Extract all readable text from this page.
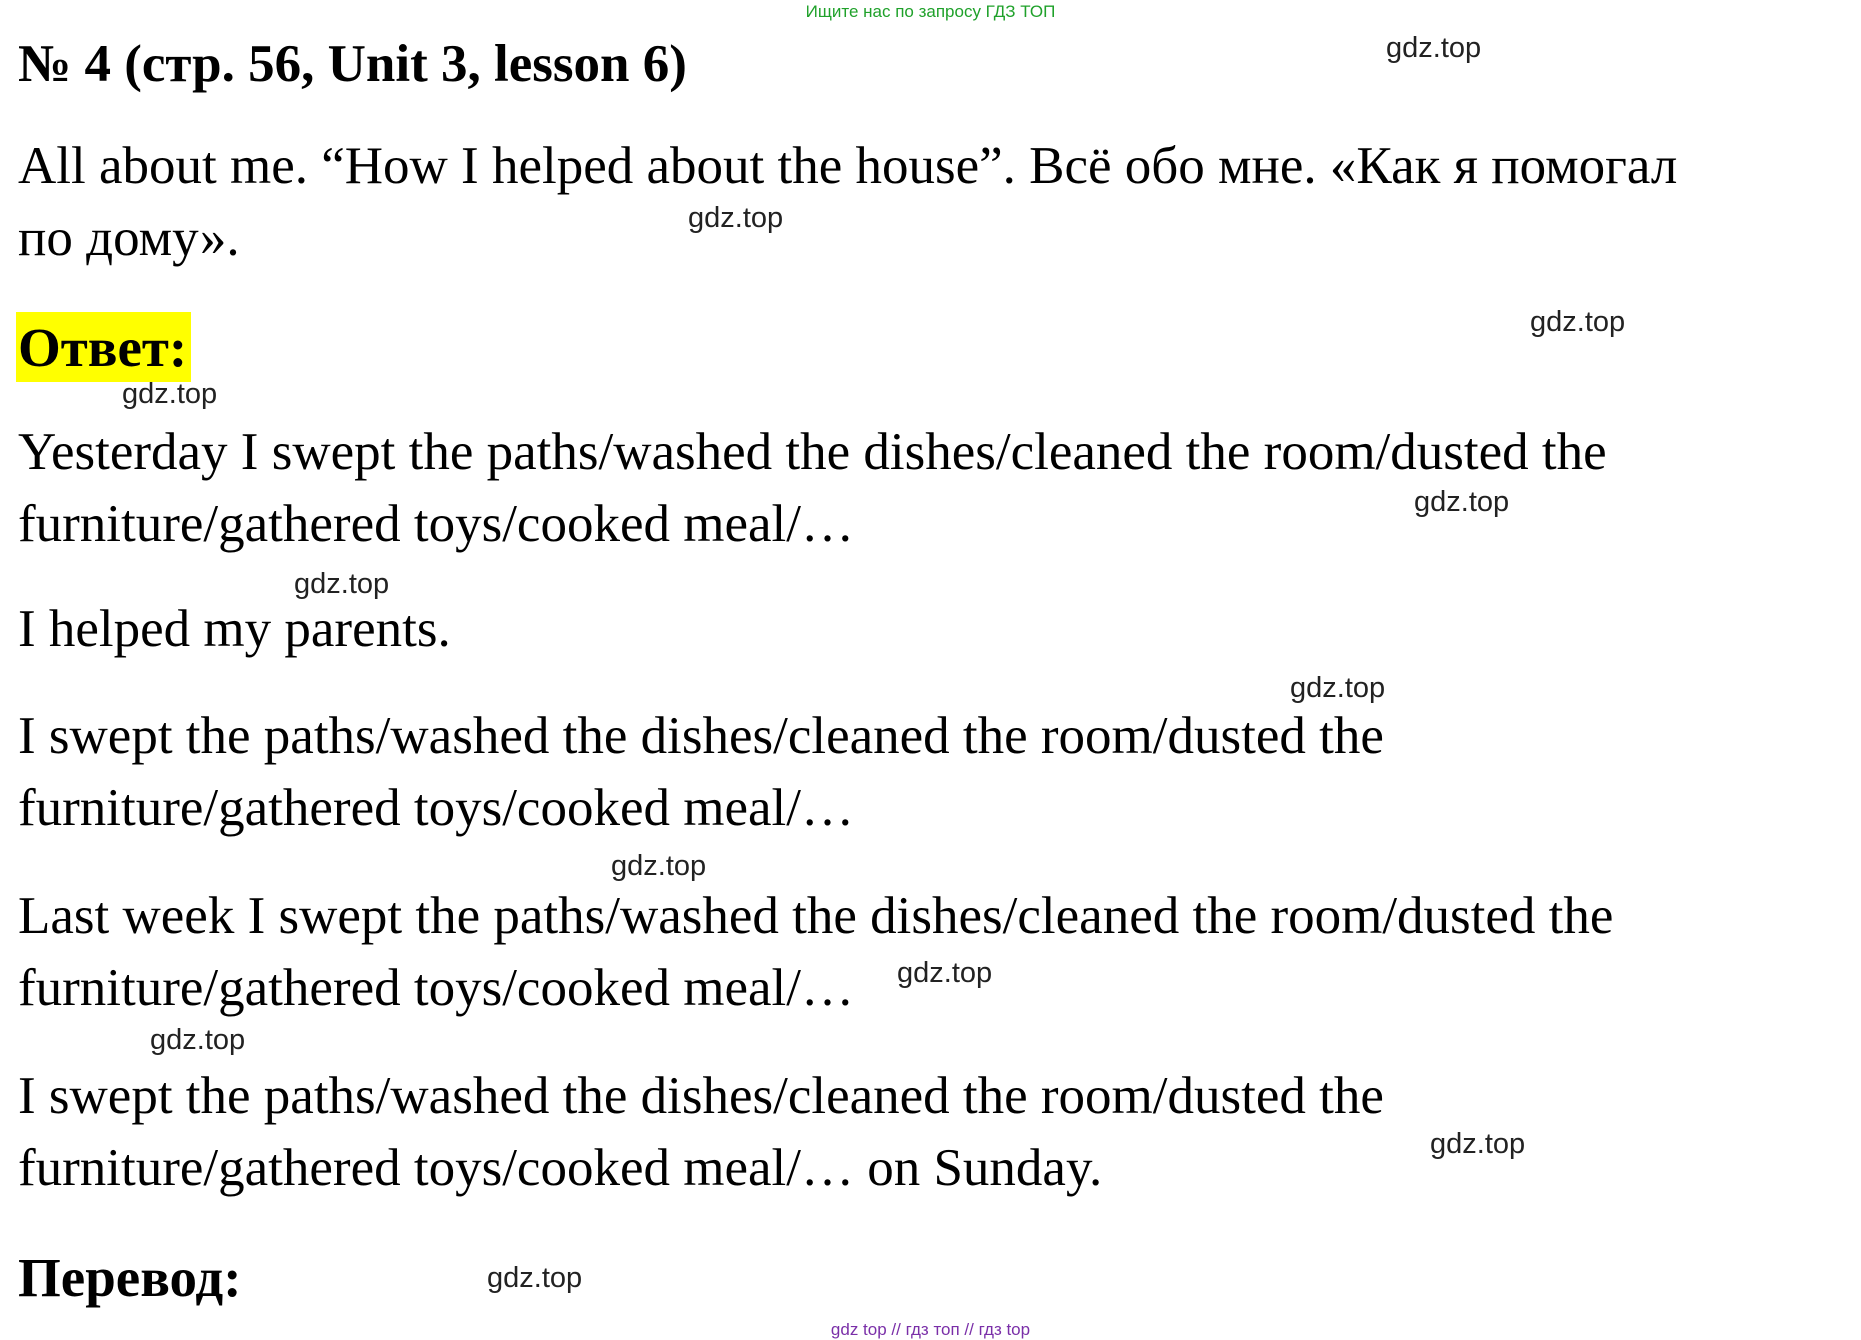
Ищите нас по запросу ГДЗ ТОП
№ 4 (стр. 56, Unit 3, lesson 6)
All about me. “How I helped about the house”. Всё обо мне. «Как я помогал
по дому».
Ответ:
Yesterday I swept the paths/washed the dishes/cleaned the room/dusted the
furniture/gathered toys/cooked meal/…
I helped my parents.
I swept the paths/washed the dishes/cleaned the room/dusted the
furniture/gathered toys/cooked meal/…
Last week I swept the paths/washed the dishes/cleaned the room/dusted the
furniture/gathered toys/cooked meal/…
I swept the paths/washed the dishes/cleaned the room/dusted the
furniture/gathered toys/cooked meal/… on Sunday.
Перевод:
gdz.top
gdz.top
gdz.top
gdz.top
gdz.top
gdz.top
gdz.top
gdz.top
gdz.top
gdz.top
gdz.top
gdz.top
gdz top // гдз топ // гдз top
